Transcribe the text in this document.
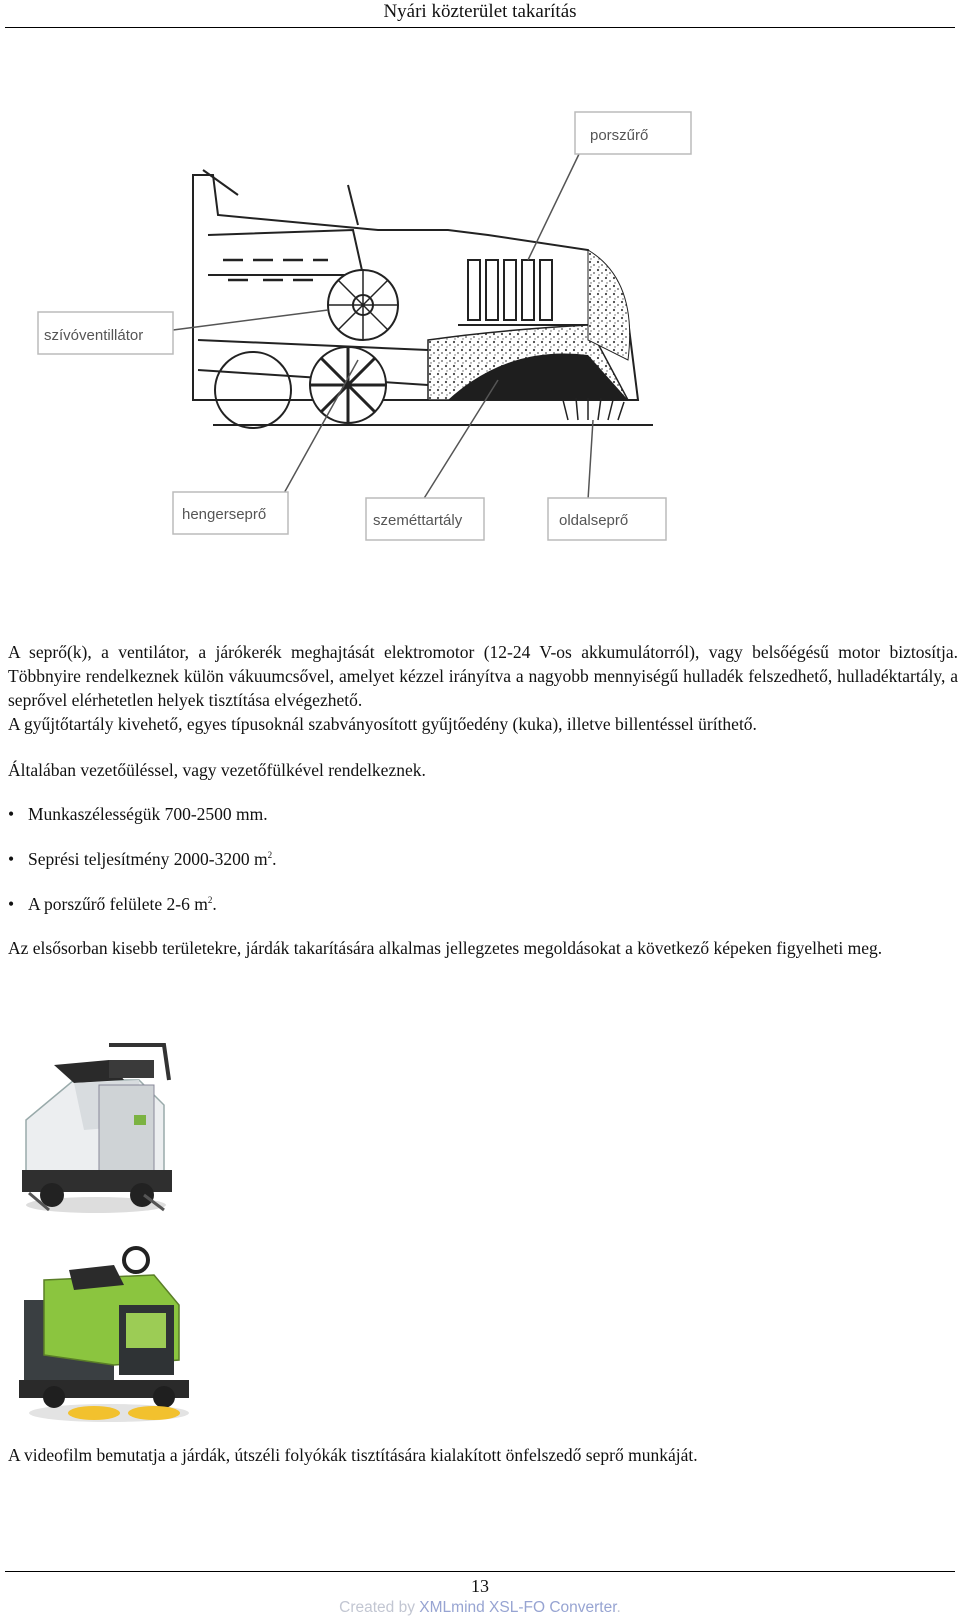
Nyári közterület takarítás
porszűrő
szívóventillátor
hengerseprő	szeméttartály	oldalseprő

A seprő(k), a ventilátor, a járókerék meghajtását elektromotor (12-24 V-os akkumulátorról), vagy belsőégésű motor biztosítja. Többnyire rendelkeznek külön vákuumcsővel, amelyet kézzel irányítva a nagyobb mennyiségű hulladék felszedhető, hulladéktartály, a seprővel elérhetetlen helyek tisztítása elvégezhető.

A gyűjtőtartály kivehető, egyes típusoknál szabványosított gyűjtőedény (kuka), illetve billentéssel üríthető.

Általában vezetőüléssel, vagy vezetőfülkével rendelkeznek.

• Munkaszélességük 700-2500 mm.

• Seprési teljesítmény 2000-3200 $m^2$.

• A porszűrő felülete 2-6 $m^2$.

Az elsősorban kisebb területekre, járdák takarítására alkalmas jellegzetes megoldásokat a következő képeken figyelheti meg.

A videofilm bemutatja a járdák, útszéli folyókák tisztítására kialakított önfelszedő seprő munkáját.

13
Created by XMLmind XSL-FO Converter.
